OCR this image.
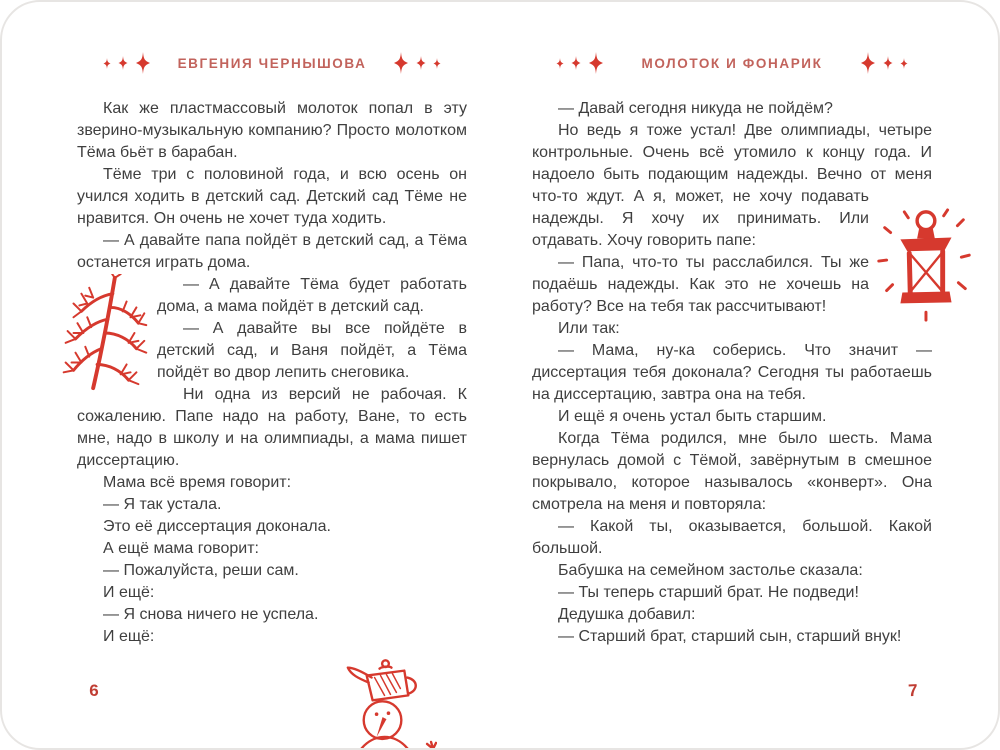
ЕВГЕНИЯ ЧЕРНЫШОВА	МОЛОТОК И ФОНАРИК

Как же пластмассовый молоток попал в эту зверино-музыкальную компанию? Просто молотком Тёма бьёт в барабан.

Тёме три с половиной года, и всю осень он учился ходить в детский сад. Детский сад Тёме не нравится. Он очень не хочет туда ходить.

— А давайте папа пойдёт в детский сад, а Тёма останется играть дома.

— А давайте Тёма будет работать дома, а мама пойдёт в детский сад.

— А давайте вы все пойдёте в детский сад, и Ваня пойдёт, а Тёма пойдёт во двор лепить снеговика.

Ни одна из версий не рабочая. К сожалению. Папе надо на работу, Ване, то есть мне, надо в школу и на олимпиады, а мама пишет диссертацию.

Мама всё время говорит:

— Я так устала.

Это её диссертация доконала.

А ещё мама говорит:

— Пожалуйста, реши сам.

И ещё:

— Я снова ничего не успела.

И ещё:

— Давай сегодня никуда не пойдём?

Но ведь я тоже устал! Две олимпиады, четыре контрольные. Очень всё утомило к концу года. И надоело быть подающим надежды. Вечно от меня что-то ждут. А я, может, не хочу подавать надежды. Я хочу их принимать. Или отдавать. Хочу говорить папе:

— Папа, что-то ты расслабился. Ты же подаёшь надежды. Как это не хочешь на работу? Все на тебя так рассчитывают!

Или так:

— Мама, ну-ка соберись. Что значит — диссертация тебя доконала? Сегодня ты работаешь на диссертацию, завтра она на тебя.

И ещё я очень устал быть старшим.

Когда Тёма родился, мне было шесть. Мама вернулась домой с Тёмой, завёрнутым в смешное покрывало, которое называлось «конверт». Она смотрела на меня и повторяла:

— Какой ты, оказывается, большой. Какой большой.

Бабушка на семейном застолье сказала:

— Ты теперь старший брат. Не подведи!

Дедушка добавил:

— Старший брат, старший сын, старший внук!

6	7
